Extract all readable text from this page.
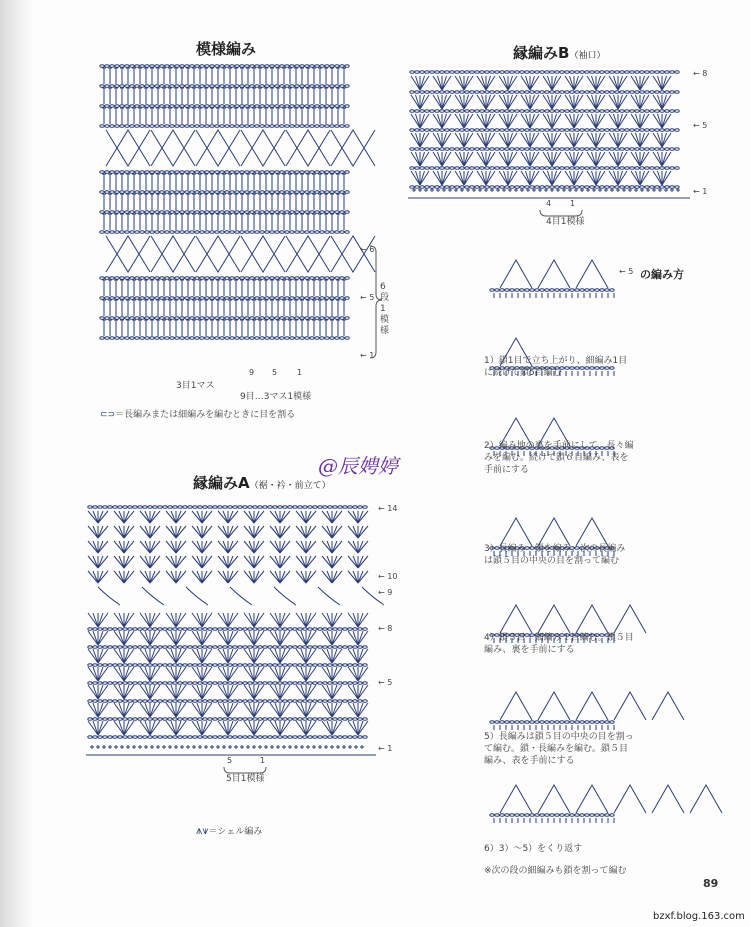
模様編み
← 6
← 5
← 1
6段1模様
3目1マス
9 5 1
9目…3マス1模様
⊂⊃＝長編みまたは細編みを編むときに目を割る
縁編みB（袖口）
← 8
← 5
← 1
4 1
4目1模様
@辰娉婷
縁編みA（裾・衿・前立て）
← 14
← 10
← 9
← 8
← 5
← 1
5	1
5目1模様
⩚⩛＝シェル編み
← 5 の編み方
1）鎖1目で立ち上がり、細編み1目に続けて鎖5目編む
2）編み地の裏を手前にして、長々編みを編む。続けて鎖６目編み、表を手前にする
3）長編み・鎖を編み、次の長編みは鎖５目の中央の目を割って編む
4）鎖５目・細編み１目編む。鎖５目編み、裏を手前にする
5）長編みは鎖５目の中央の目を割って編む。鎖・長編みを編む。鎖５目編み、表を手前にする
6）3）〜5）をくり返す
※次の段の細編みも鎖を割って編む
89
bzxf.blog.163.com
